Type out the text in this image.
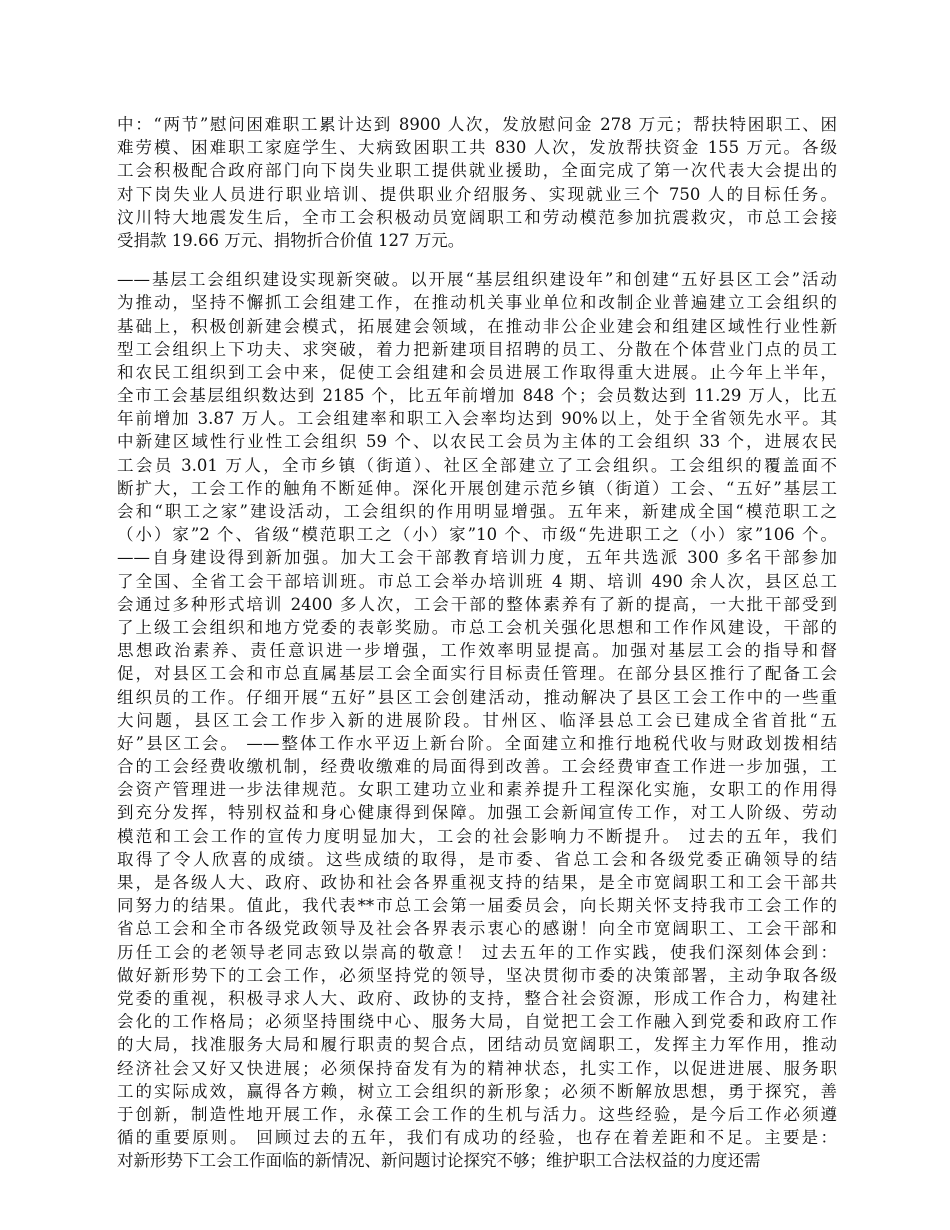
中：“两节”慰问困难职工累计达到 8900 人次，发放慰问金 278 万元；帮扶特困职工、困
难劳模、困难职工家庭学生、大病致困职工共 830 人次，发放帮扶资金 155 万元。各级
工会积极配合政府部门向下岗失业职工提供就业援助，全面完成了第一次代表大会提出的
对下岗失业人员进行职业培训、提供职业介绍服务、实现就业三个 750 人的目标任务。
汶川特大地震发生后，全市工会积极动员宽阔职工和劳动模范参加抗震救灾，市总工会接
受捐款 19.66 万元、捐物折合价值 127 万元。
——基层工会组织建设实现新突破。以开展“基层组织建设年”和创建“五好县区工会”活动
为推动，坚持不懈抓工会组建工作，在推动机关事业单位和改制企业普遍建立工会组织的
基础上，积极创新建会模式，拓展建会领域，在推动非公企业建会和组建区域性行业性新
型工会组织上下功夫、求突破，着力把新建项目招聘的员工、分散在个体营业门点的员工
和农民工组织到工会中来，促使工会组建和会员进展工作取得重大进展。止今年上半年，
全市工会基层组织数达到 2185 个，比五年前增加 848 个；会员数达到 11.29 万人，比五
年前增加 3.87 万人。工会组建率和职工入会率均达到 90%以上，处于全省领先水平。其
中新建区域性行业性工会组织 59 个、以农民工会员为主体的工会组织 33 个，进展农民
工会员 3.01 万人，全市乡镇（街道）、社区全部建立了工会组织。工会组织的覆盖面不
断扩大，工会工作的触角不断延伸。深化开展创建示范乡镇（街道）工会、“五好”基层工
会和“职工之家”建设活动，工会组织的作用明显增强。五年来，新建成全国“模范职工之
（小）家”2 个、省级“模范职工之（小）家”10 个、市级“先进职工之（小）家”106 个。
——自身建设得到新加强。加大工会干部教育培训力度，五年共选派 300 多名干部参加
了全国、全省工会干部培训班。市总工会举办培训班 4 期、培训 490 余人次，县区总工
会通过多种形式培训 2400 多人次，工会干部的整体素养有了新的提高，一大批干部受到
了上级工会组织和地方党委的表彰奖励。市总工会机关强化思想和工作作风建设，干部的
思想政治素养、责任意识进一步增强，工作效率明显提高。加强对基层工会的指导和督
促，对县区工会和市总直属基层工会全面实行目标责任管理。在部分县区推行了配备工会
组织员的工作。仔细开展“五好”县区工会创建活动，推动解决了县区工会工作中的一些重
大问题，县区工会工作步入新的进展阶段。甘州区、临泽县总工会已建成全省首批“五
好”县区工会。 ——整体工作水平迈上新台阶。全面建立和推行地税代收与财政划拨相结
合的工会经费收缴机制，经费收缴难的局面得到改善。工会经费审查工作进一步加强，工
会资产管理进一步法律规范。女职工建功立业和素养提升工程深化实施，女职工的作用得
到充分发挥，特别权益和身心健康得到保障。加强工会新闻宣传工作，对工人阶级、劳动
模范和工会工作的宣传力度明显加大，工会的社会影响力不断提升。 过去的五年，我们
取得了令人欣喜的成绩。这些成绩的取得，是市委、省总工会和各级党委正确领导的结
果，是各级人大、政府、政协和社会各界重视支持的结果，是全市宽阔职工和工会干部共
同努力的结果。值此，我代表**市总工会第一届委员会，向长期关怀支持我市工会工作的
省总工会和全市各级党政领导及社会各界表示衷心的感谢！向全市宽阔职工、工会干部和
历任工会的老领导老同志致以崇高的敬意！ 过去五年的工作实践，使我们深刻体会到：
做好新形势下的工会工作，必须坚持党的领导，坚决贯彻市委的决策部署，主动争取各级
党委的重视，积极寻求人大、政府、政协的支持，整合社会资源，形成工作合力，构建社
会化的工作格局；必须坚持围绕中心、服务大局，自觉把工会工作融入到党委和政府工作
的大局，找准服务大局和履行职责的契合点，团结动员宽阔职工，发挥主力军作用，推动
经济社会又好又快进展；必须保持奋发有为的精神状态，扎实工作，以促进进展、服务职
工的实际成效，赢得各方赖，树立工会组织的新形象；必须不断解放思想，勇于探究，善
于创新，制造性地开展工作，永葆工会工作的生机与活力。这些经验，是今后工作必须遵
循的重要原则。 回顾过去的五年，我们有成功的经验，也存在着差距和不足。主要是：
对新形势下工会工作面临的新情况、新问题讨论探究不够；维护职工合法权益的力度还需
